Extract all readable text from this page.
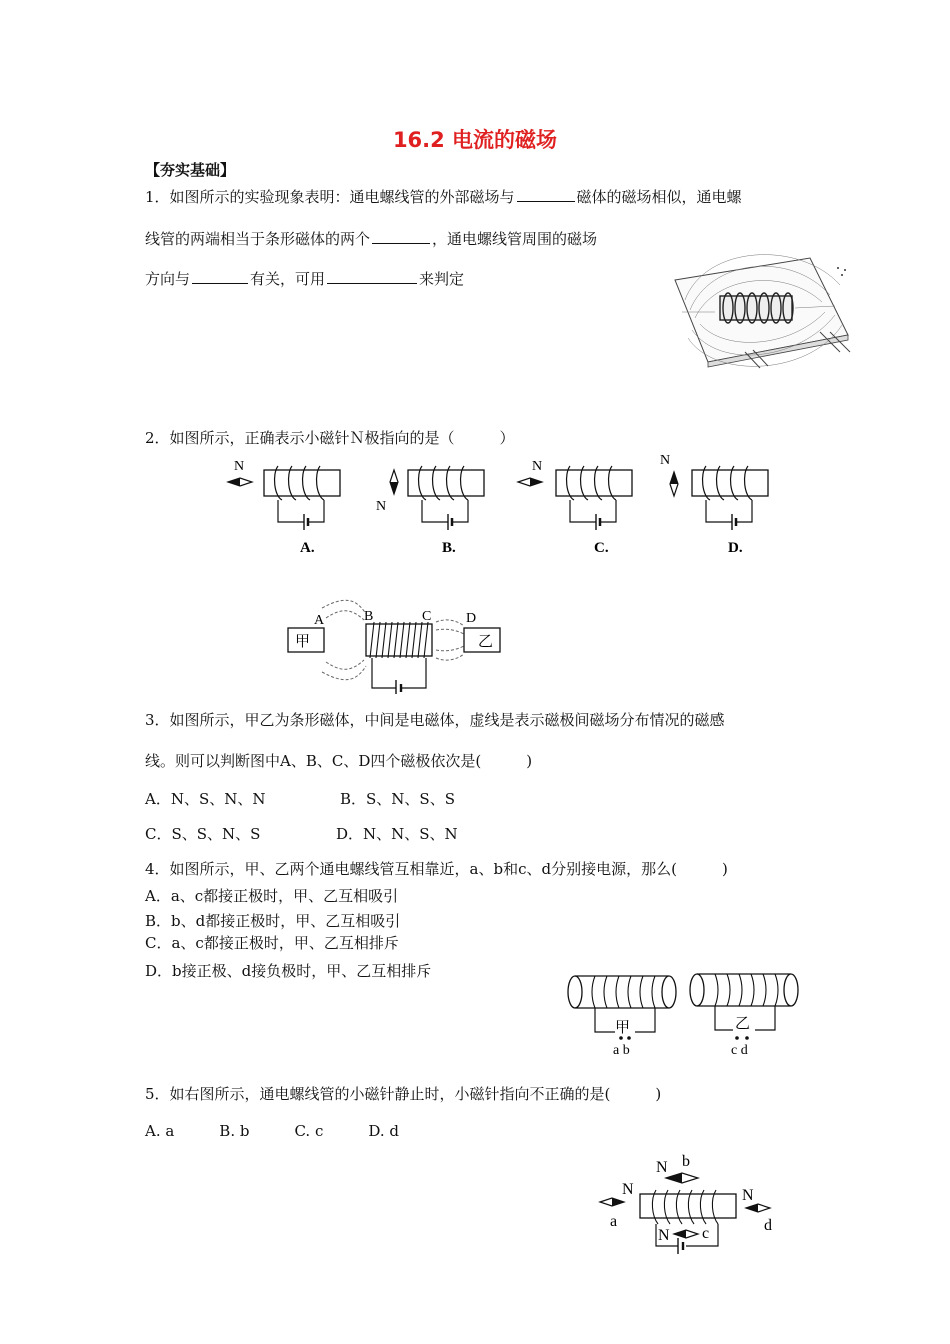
16.2 电流的磁场
【夯实基础】
1．如图所示的实验现象表明：通电螺线管的外部磁场与	磁体的磁场相似，通电螺
线管的两端相当于条形磁体的两个	，通电螺线管周围的磁场
方向与	有关，可用	来判定
2．如图所示，正确表示小磁针Ｎ极指向的是（　　　）
N
A.
N
B.
N
C.
N
D.
甲
A	B	C D
乙
3．如图所示，甲乙为条形磁体，中间是电磁体，虚线是表示磁极间磁场分布情况的磁感
线。则可以判断图中A、B、C、D四个磁极依次是(　　　)
A．N、S、N、N	B．S、N、S、S
C．S、S、N、S	D．N、N、S、N
4．如图所示，甲、乙两个通电螺线管互相靠近，a、b和c、d分别接电源，那么(　　　)
A．a、c都接正极时，甲、乙互相吸引
B．b、d都接正极时，甲、乙互相吸引
C．a、c都接正极时，甲、乙互相排斥
D．b接正极、d接负极时，甲、乙互相排斥
甲
a b
乙
c d
5．如右图所示，通电螺线管的小磁针静止时，小磁针指向不正确的是(　　　)
A. a　　　B. b　　　C. c　　　D. d
N b
N
a
N
d
N c
